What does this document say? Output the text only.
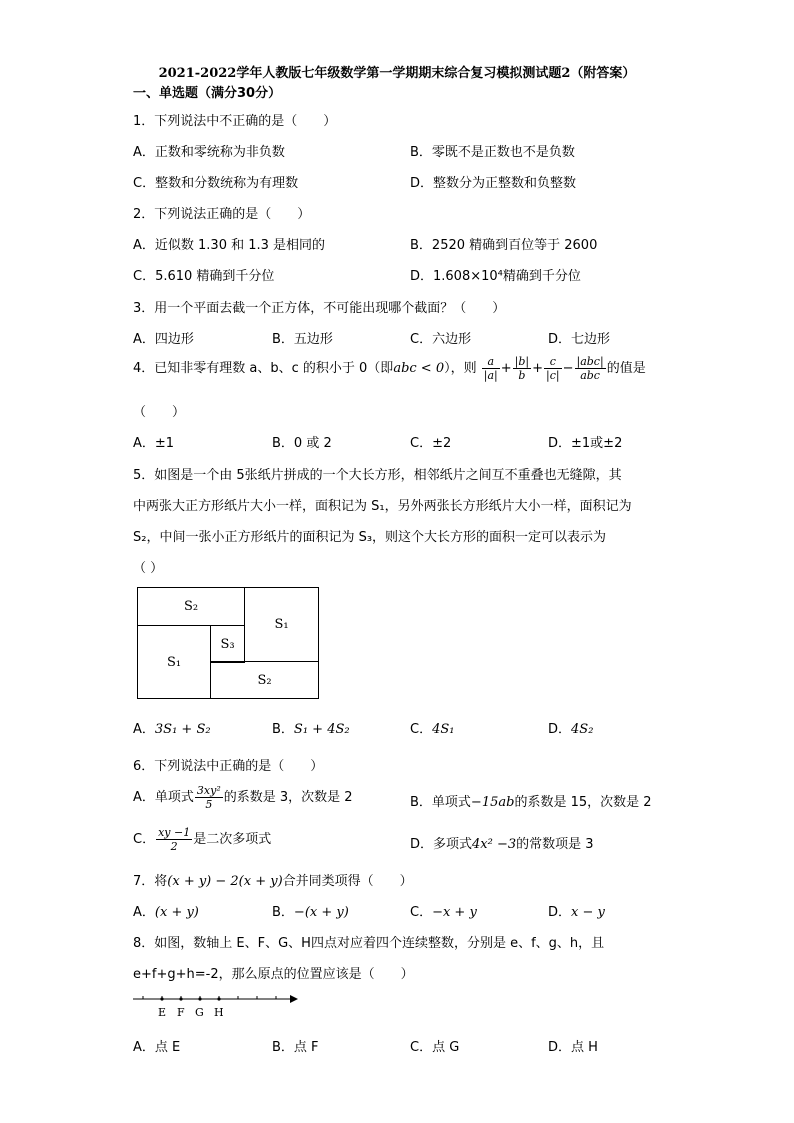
2021-2022学年人教版七年级数学第一学期期末综合复习模拟测试题2（附答案）
一、单选题（满分30分）
1．下列说法中不正确的是（　　）
A．正数和零统称为非负数	B．零既不是正数也不是负数
C．整数和分数统称为有理数	D．整数分为正整数和负整数
2．下列说法正确的是（　　）
A．近似数 1.30 和 1.3 是相同的	B．2520 精确到百位等于 2600
C．5.610 精确到千分位	D．1.608×10⁴精确到千分位
3．用一个平面去截一个正方体，不可能出现哪个截面？（　　）
A．四边形	B．五边形	C．六边形	D．七边形
4．已知非零有理数 a、b、c 的积小于 0（即abc < 0），则 $\frac{a}{|a|} + \frac{|b|}{b} + \frac{c}{|c|} - \frac{\text{|abc|}}{\text{abc}}$ 的值是
（　　）
A．±1	B．0 或 2	C．±2	D．±1或±2
5．如图是一个由 5张纸片拼成的一个大长方形，相邻纸片之间互不重叠也无缝隙，其
中两张大正方形纸片大小一样，面积记为 S₁，另外两张长方形纸片大小一样，面积记为
S₂，中间一张小正方形纸片的面积记为 S₃，则这个大长方形的面积一定可以表示为
（ ）
S₂
S₁
S₁
S₃
S₂
A．3S₁ + S₂	B．S₁ + 4S₂	C．4S₁	D．4S₂
6．下列说法中正确的是（　　）
A．单项式 $\frac{\text{3xy²}}{5}$ 的系数是 3，次数是 2	B．单项式−15ab的系数是 15，次数是 2
C． $\frac{xy -1}{2}$ 是二次多项式	D．多项式4x² −3的常数项是 3
7．将(x + y) − 2(x + y)合并同类项得（　　）
A．(x + y)	B．−(x + y)	C．−x + y	D．x − y
8．如图，数轴上 E、F、G、H四点对应着四个连续整数，分别是 e、f、g、h，且
e+f+g+h=-2，那么原点的位置应该是（　　）
E F G H
A．点 E	B．点 F	C．点 G	D．点 H
